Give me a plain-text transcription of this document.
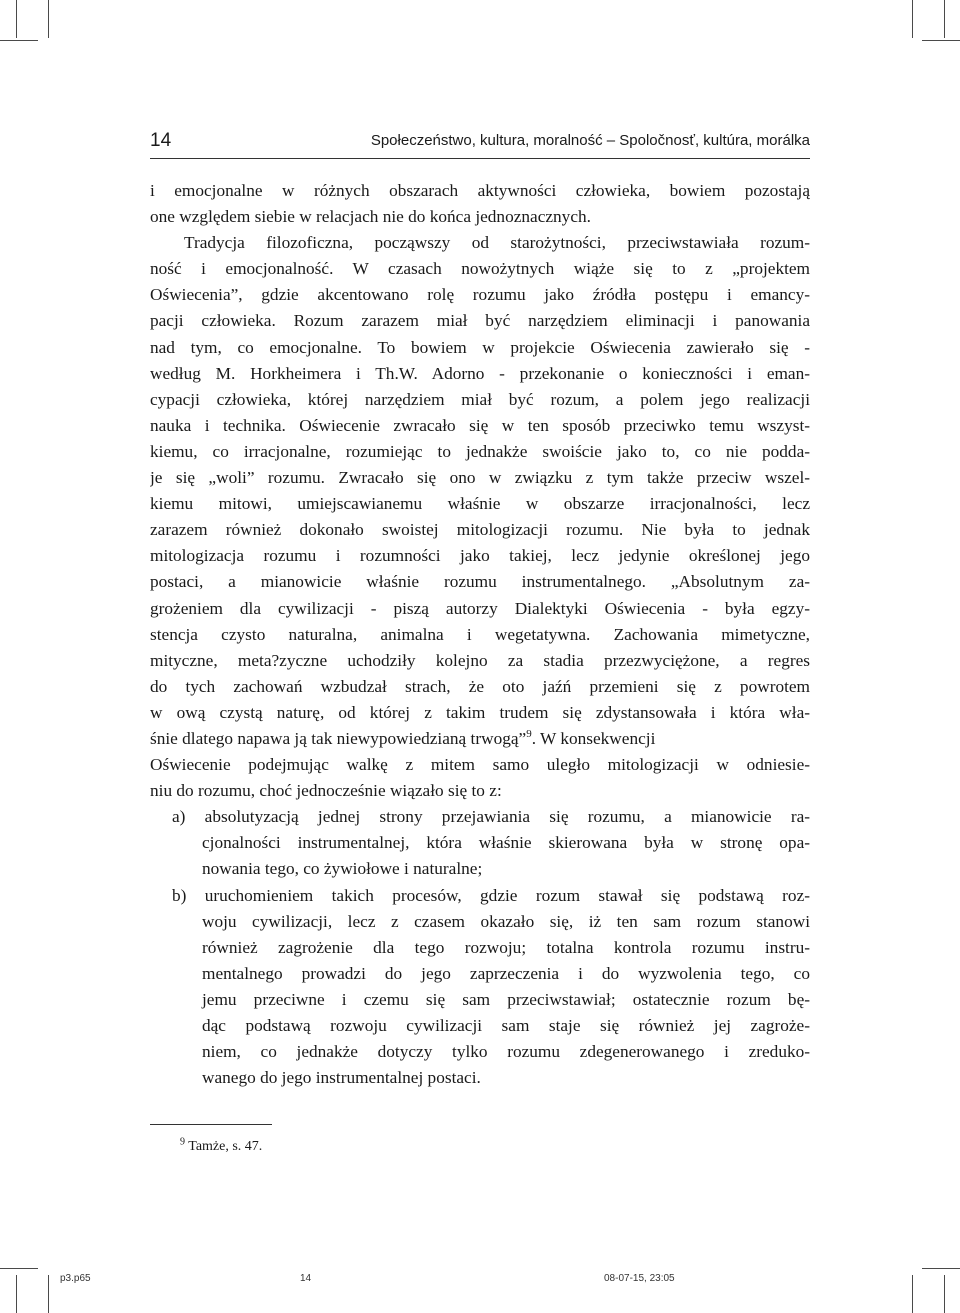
14	Społeczeństwo, kultura, moralność – Spoločnosť, kultúra, morálka
i emocjonalne w różnych obszarach aktywności człowieka, bowiem pozostają
one względem siebie w relacjach nie do końca jednoznacznych.
Tradycja filozoficzna, począwszy od starożytności, przeciwstawiała rozum-
ność i emocjonalność. W czasach nowożytnych wiąże się to z „projektem
Oświecenia”, gdzie akcentowano rolę rozumu jako źródła postępu i emancy-
pacji człowieka. Rozum zarazem miał być narzędziem eliminacji i panowania
nad tym, co emocjonalne. To bowiem w projekcie Oświecenia zawierało się -
według M. Horkheimera i Th.W. Adorno - przekonanie o konieczności i eman-
cypacji człowieka, której narzędziem miał być rozum, a polem jego realizacji
nauka i technika. Oświecenie zwracało się w ten sposób przeciwko temu wszyst-
kiemu, co irracjonalne, rozumiejąc to jednakże swoiście jako to, co nie podda-
je się „woli” rozumu. Zwracało się ono w związku z tym także przeciw wszel-
kiemu mitowi, umiejscawianemu właśnie w obszarze irracjonalności, lecz
zarazem również dokonało swoistej mitologizacji rozumu. Nie była to jednak
mitologizacja rozumu i rozumności jako takiej, lecz jedynie określonej jego
postaci, a mianowicie właśnie rozumu instrumentalnego. „Absolutnym za-
grożeniem dla cywilizacji - piszą autorzy Dialektyki Oświecenia - była egzy-
stencja czysto naturalna, animalna i wegetatywna. Zachowania mimetyczne,
mityczne, meta?zyczne uchodziły kolejno za stadia przezwyciężone, a regres
do tych zachowań wzbudzał strach, że oto jaźń przemieni się z powrotem
w ową czystą naturę, od której z takim trudem się zdystansowała i która wła-
śnie dlatego napawa ją tak niewypowiedzianą trwogą”$^9$. W konsekwencji
Oświecenie podejmując walkę z mitem samo uległo mitologizacji w odniesie-
niu do rozumu, choć jednocześnie wiązało się to z:
a) absolutyzacją jednej strony przejawiania się rozumu, a mianowicie ra-
cjonalności instrumentalnej, która właśnie skierowana była w stronę opa-
nowania tego, co żywiołowe i naturalne;
b) uruchomieniem takich procesów, gdzie rozum stawał się podstawą roz-
woju cywilizacji, lecz z czasem okazało się, iż ten sam rozum stanowi
również zagrożenie dla tego rozwoju; totalna kontrola rozumu instru-
mentalnego prowadzi do jego zaprzeczenia i do wyzwolenia tego, co
jemu przeciwne i czemu się sam przeciwstawiał; ostatecznie rozum bę-
dąc podstawą rozwoju cywilizacji sam staje się również jej zagroże-
niem, co jednakże dotyczy tylko rozumu zdegenerowanego i zreduko-
wanego do jego instrumentalnej postaci.
$^9$ Tamże, s. 47.
p3.p65	14	08-07-15, 23:05
